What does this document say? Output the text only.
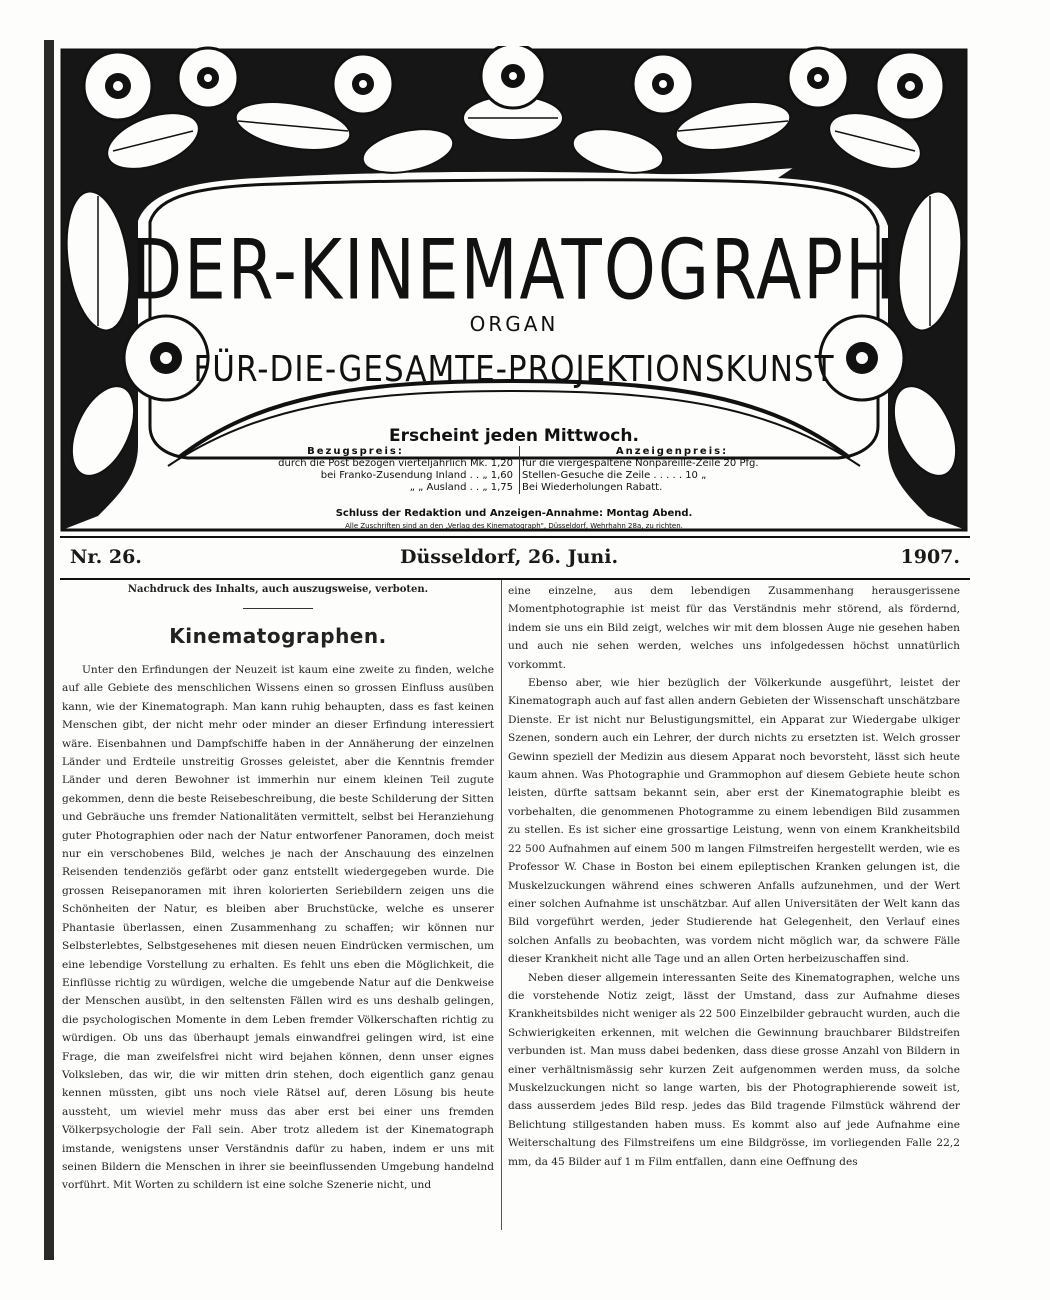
DER-KINEMATOGRAPH
ORGAN
FÜR-DIE-GESAMTE-PROJEKTIONSKUNST
Erscheint jeden Mittwoch.
Bezugspreis:
durch die Post bezogen vierteljährlich Mk. 1,20
bei Franko-Zusendung Inland . . „ 1,60
„ „ Ausland . . „ 1,75
Anzeigenpreis:
für die viergespaltene Nonpareille-Zeile 20 Pfg.
Stellen-Gesuche die Zeile . . . . . 10 „
Bei Wiederholungen Rabatt.
Schluss der Redaktion und Anzeigen-Annahme: Montag Abend.
Alle Zuschriften sind an den „Verlag des Kinematograph", Düsseldorf, Wehrhahn 28a, zu richten.
Nr. 26.	Düsseldorf, 26. Juni.	1907.
Nachdruck des Inhalts, auch auszugsweise, verboten.
Kinematographen.

Unter den Erfindungen der Neuzeit ist kaum eine zweite zu finden, welche auf alle Gebiete des menschlichen Wissens einen so grossen Einfluss ausüben kann, wie der Kinematograph. Man kann ruhig behaupten, dass es fast keinen Menschen gibt, der nicht mehr oder minder an dieser Erfindung interessiert wäre. Eisenbahnen und Dampfschiffe haben in der Annäherung der einzelnen Länder und Erdteile unstreitig Grosses geleistet, aber die Kenntnis fremder Länder und deren Bewohner ist immerhin nur einem kleinen Teil zugute gekommen, denn die beste Reisebeschreibung, die beste Schilderung der Sitten und Gebräuche uns fremder Nationalitäten vermittelt, selbst bei Heranziehung guter Photographien oder nach der Natur entworfener Panoramen, doch meist nur ein verschobenes Bild, welches je nach der Anschauung des einzelnen Reisenden tendenziös gefärbt oder ganz entstellt wiedergegeben wurde. Die grossen Reisepanoramen mit ihren kolorierten Seriebildern zeigen uns die Schönheiten der Natur, es bleiben aber Bruchstücke, welche es unserer Phantasie überlassen, einen Zusammenhang zu schaffen; wir können nur Selbsterlebtes, Selbstgesehenes mit diesen neuen Eindrücken vermischen, um eine lebendige Vorstellung zu erhalten. Es fehlt uns eben die Möglichkeit, die Einflüsse richtig zu würdigen, welche die umgebende Natur auf die Denkweise der Menschen ausübt, in den seltensten Fällen wird es uns deshalb gelingen, die psychologischen Momente in dem Leben fremder Völkerschaften richtig zu würdigen. Ob uns das überhaupt jemals einwandfrei gelingen wird, ist eine Frage, die man zweifelsfrei nicht wird bejahen können, denn unser eignes Volksleben, das wir, die wir mitten drin stehen, doch eigentlich ganz genau kennen müssten, gibt uns noch viele Rätsel auf, deren Lösung bis heute aussteht, um wieviel mehr muss das aber erst bei einer uns fremden Völkerpsychologie der Fall sein. Aber trotz alledem ist der Kinematograph imstande, wenigstens unser Verständnis dafür zu haben, indem er uns mit seinen Bildern die Menschen in ihrer sie beeinflussenden Umgebung handelnd vorführt. Mit Worten zu schildern ist eine solche Szenerie nicht, und

eine einzelne, aus dem lebendigen Zusammenhang herausgerissene Momentphotographie ist meist für das Verständnis mehr störend, als fördernd, indem sie uns ein Bild zeigt, welches wir mit dem blossen Auge nie gesehen haben und auch nie sehen werden, welches uns infolgedessen höchst unnatürlich vorkommt.

Ebenso aber, wie hier bezüglich der Völkerkunde ausgeführt, leistet der Kinematograph auch auf fast allen andern Gebieten der Wissenschaft unschätzbare Dienste. Er ist nicht nur Belustigungsmittel, ein Apparat zur Wiedergabe ulkiger Szenen, sondern auch ein Lehrer, der durch nichts zu ersetzten ist. Welch grosser Gewinn speziell der Medizin aus diesem Apparat noch bevorsteht, lässt sich heute kaum ahnen. Was Photographie und Grammophon auf diesem Gebiete heute schon leisten, dürfte sattsam bekannt sein, aber erst der Kinematographie bleibt es vorbehalten, die genommenen Photogramme zu einem lebendigen Bild zusammen zu stellen. Es ist sicher eine grossartige Leistung, wenn von einem Krankheitsbild 22 500 Aufnahmen auf einem 500 m langen Filmstreifen hergestellt werden, wie es Professor W. Chase in Boston bei einem epileptischen Kranken gelungen ist, die Muskelzuckungen während eines schweren Anfalls aufzunehmen, und der Wert einer solchen Aufnahme ist unschätzbar. Auf allen Universitäten der Welt kann das Bild vorgeführt werden, jeder Studierende hat Gelegenheit, den Verlauf eines solchen Anfalls zu beobachten, was vordem nicht möglich war, da schwere Fälle dieser Krankheit nicht alle Tage und an allen Orten herbeizuschaffen sind.

Neben dieser allgemein interessanten Seite des Kinematographen, welche uns die vorstehende Notiz zeigt, lässt der Umstand, dass zur Aufnahme dieses Krankheitsbildes nicht weniger als 22 500 Einzelbilder gebraucht wurden, auch die Schwierigkeiten erkennen, mit welchen die Gewinnung brauchbarer Bildstreifen verbunden ist. Man muss dabei bedenken, dass diese grosse Anzahl von Bildern in einer verhältnismässig sehr kurzen Zeit aufgenommen werden muss, da solche Muskelzuckungen nicht so lange warten, bis der Photographierende soweit ist, dass ausserdem jedes Bild resp. jedes das Bild tragende Filmstück während der Belichtung stillgestanden haben muss. Es kommt also auf jede Aufnahme eine Weiterschaltung des Filmstreifens um eine Bildgrösse, im vorliegenden Falle 22,2 mm, da 45 Bilder auf 1 m Film entfallen, dann eine Oeffnung des
